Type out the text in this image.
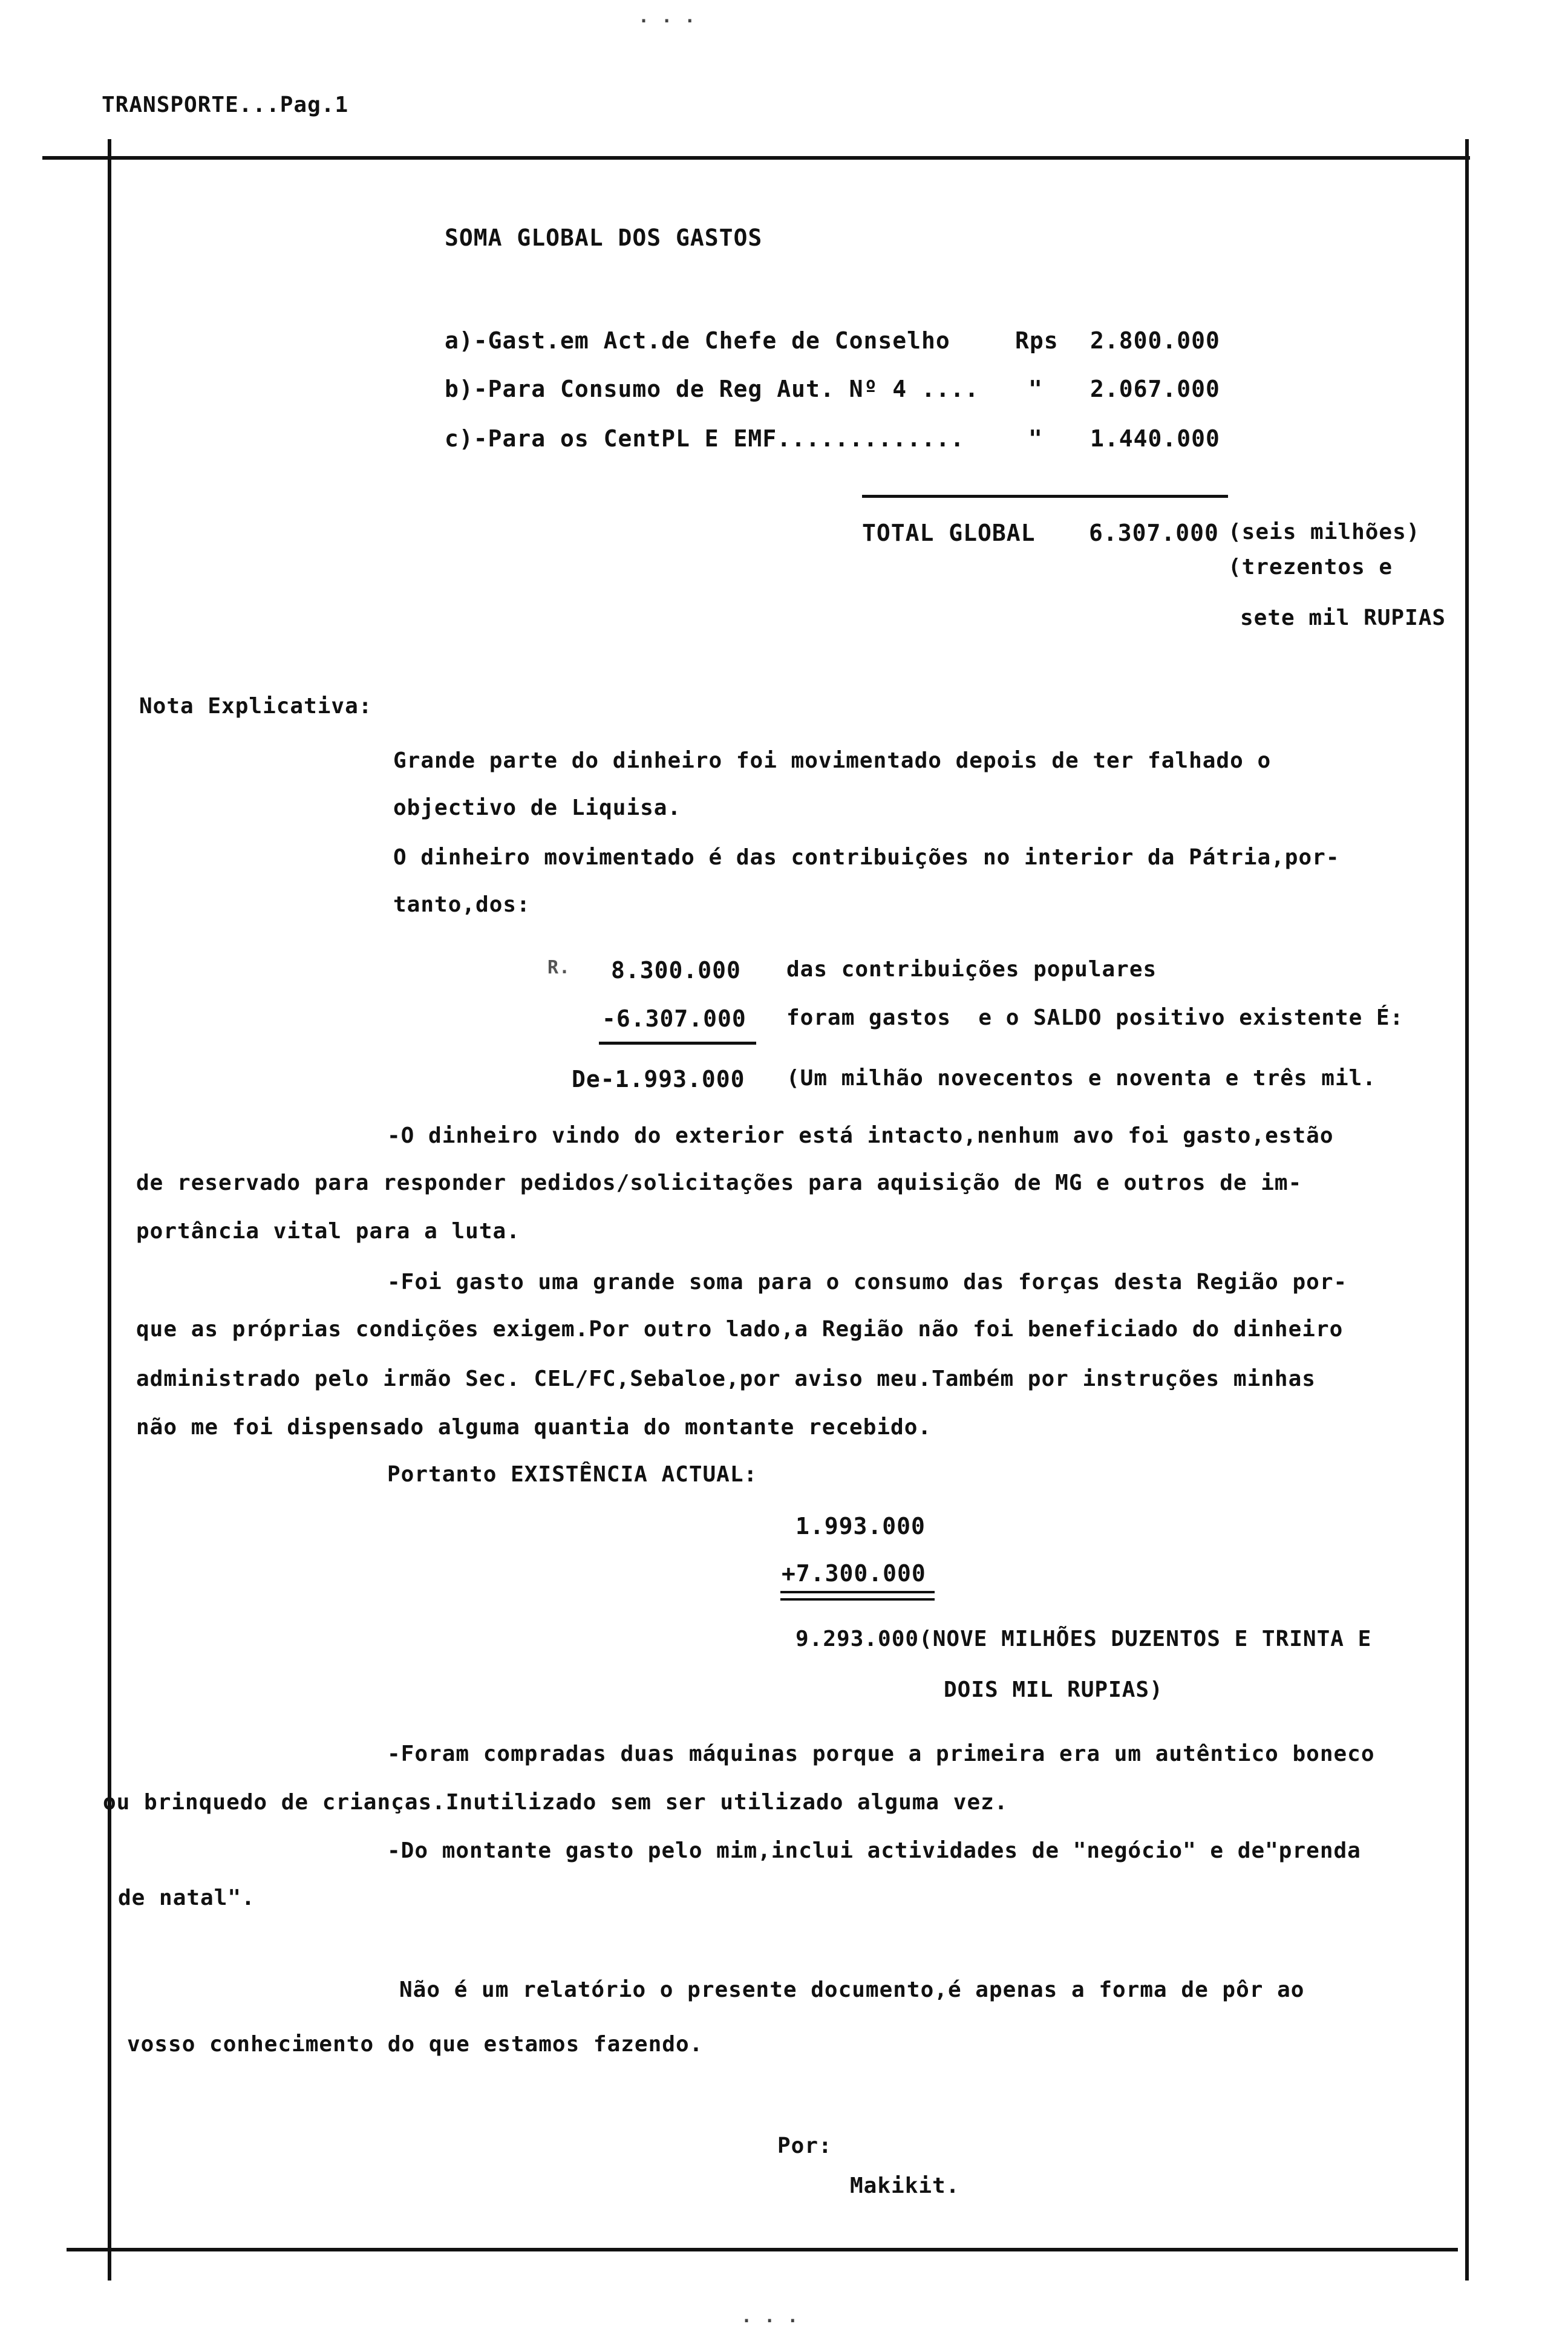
· · ·
· · ·
TRANSPORTE...Pag.1
SOMA GLOBAL DOS GASTOS
a)-Gast.em Act.de Chefe de Conselho	Rps 2.800.000
b)-Para Consumo de Reg Aut. Nº 4 .... " 2.067.000
c)-Para os CentPL E EMF.............	" 1.440.000
TOTAL GLOBAL 6.307.000 (seis milhões)
(trezentos e
sete mil RUPIAS
Nota Explicativa:
Grande parte do dinheiro foi movimentado depois de ter falhado o
objectivo de Liquisa.
O dinheiro movimentado é das contribuições no interior da Pátria,por-
tanto,dos:
R. 8.300.000 das contribuições populares
-6.307.000 foram gastos  e o SALDO positivo existente É:
De-1.993.000 (Um milhão novecentos e noventa e três mil.
-O dinheiro vindo do exterior está intacto,nenhum avo foi gasto,estão
de reservado para responder pedidos/solicitações para aquisição de MG e outros de im-
portância vital para a luta.
-Foi gasto uma grande soma para o consumo das forças desta Região por-
que as próprias condições exigem.Por outro lado,a Região não foi beneficiado do dinheiro
administrado pelo irmão Sec. CEL/FC,Sebaloe,por aviso meu.Também por instruções minhas
não me foi dispensado alguma quantia do montante recebido.
Portanto EXISTÊNCIA ACTUAL:
1.993.000
+7.300.000
9.293.000(NOVE MILHÕES DUZENTOS E TRINTA E
DOIS MIL RUPIAS)
-Foram compradas duas máquinas porque a primeira era um autêntico boneco
ou brinquedo de crianças.Inutilizado sem ser utilizado alguma vez.
-Do montante gasto pelo mim,inclui actividades de "negócio" e de"prenda
de natal".
Não é um relatório o presente documento,é apenas a forma de pôr ao
vosso conhecimento do que estamos fazendo.
Por:
Makikit.
